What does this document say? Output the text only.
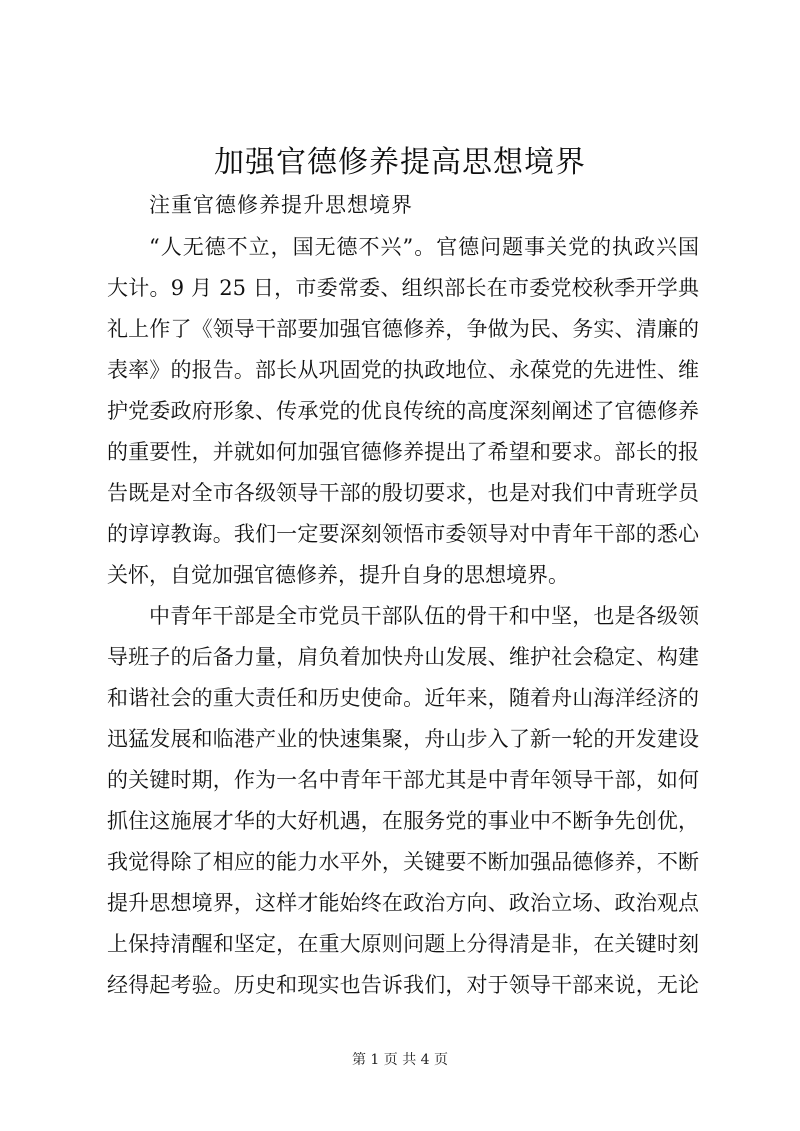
加强官德修养提高思想境界
注重官德修养提升思想境界
“人无德不立，国无德不兴”。官德问题事关党的执政兴国
大计。9 月 25 日，市委常委、组织部长在市委党校秋季开学典
礼上作了《领导干部要加强官德修养，争做为民、务实、清廉的
表率》的报告。部长从巩固党的执政地位、永葆党的先进性、维
护党委政府形象、传承党的优良传统的高度深刻阐述了官德修养
的重要性，并就如何加强官德修养提出了希望和要求。部长的报
告既是对全市各级领导干部的殷切要求，也是对我们中青班学员
的谆谆教诲。我们一定要深刻领悟市委领导对中青年干部的悉心
关怀，自觉加强官德修养，提升自身的思想境界。
中青年干部是全市党员干部队伍的骨干和中坚，也是各级领
导班子的后备力量，肩负着加快舟山发展、维护社会稳定、构建
和谐社会的重大责任和历史使命。近年来，随着舟山海洋经济的
迅猛发展和临港产业的快速集聚，舟山步入了新一轮的开发建设
的关键时期，作为一名中青年干部尤其是中青年领导干部，如何
抓住这施展才华的大好机遇，在服务党的事业中不断争先创优，
我觉得除了相应的能力水平外，关键要不断加强品德修养，不断
提升思想境界，这样才能始终在政治方向、政治立场、政治观点
上保持清醒和坚定，在重大原则问题上分得清是非，在关键时刻
经得起考验。历史和现实也告诉我们，对于领导干部来说，无论
第 1 页 共 4 页
